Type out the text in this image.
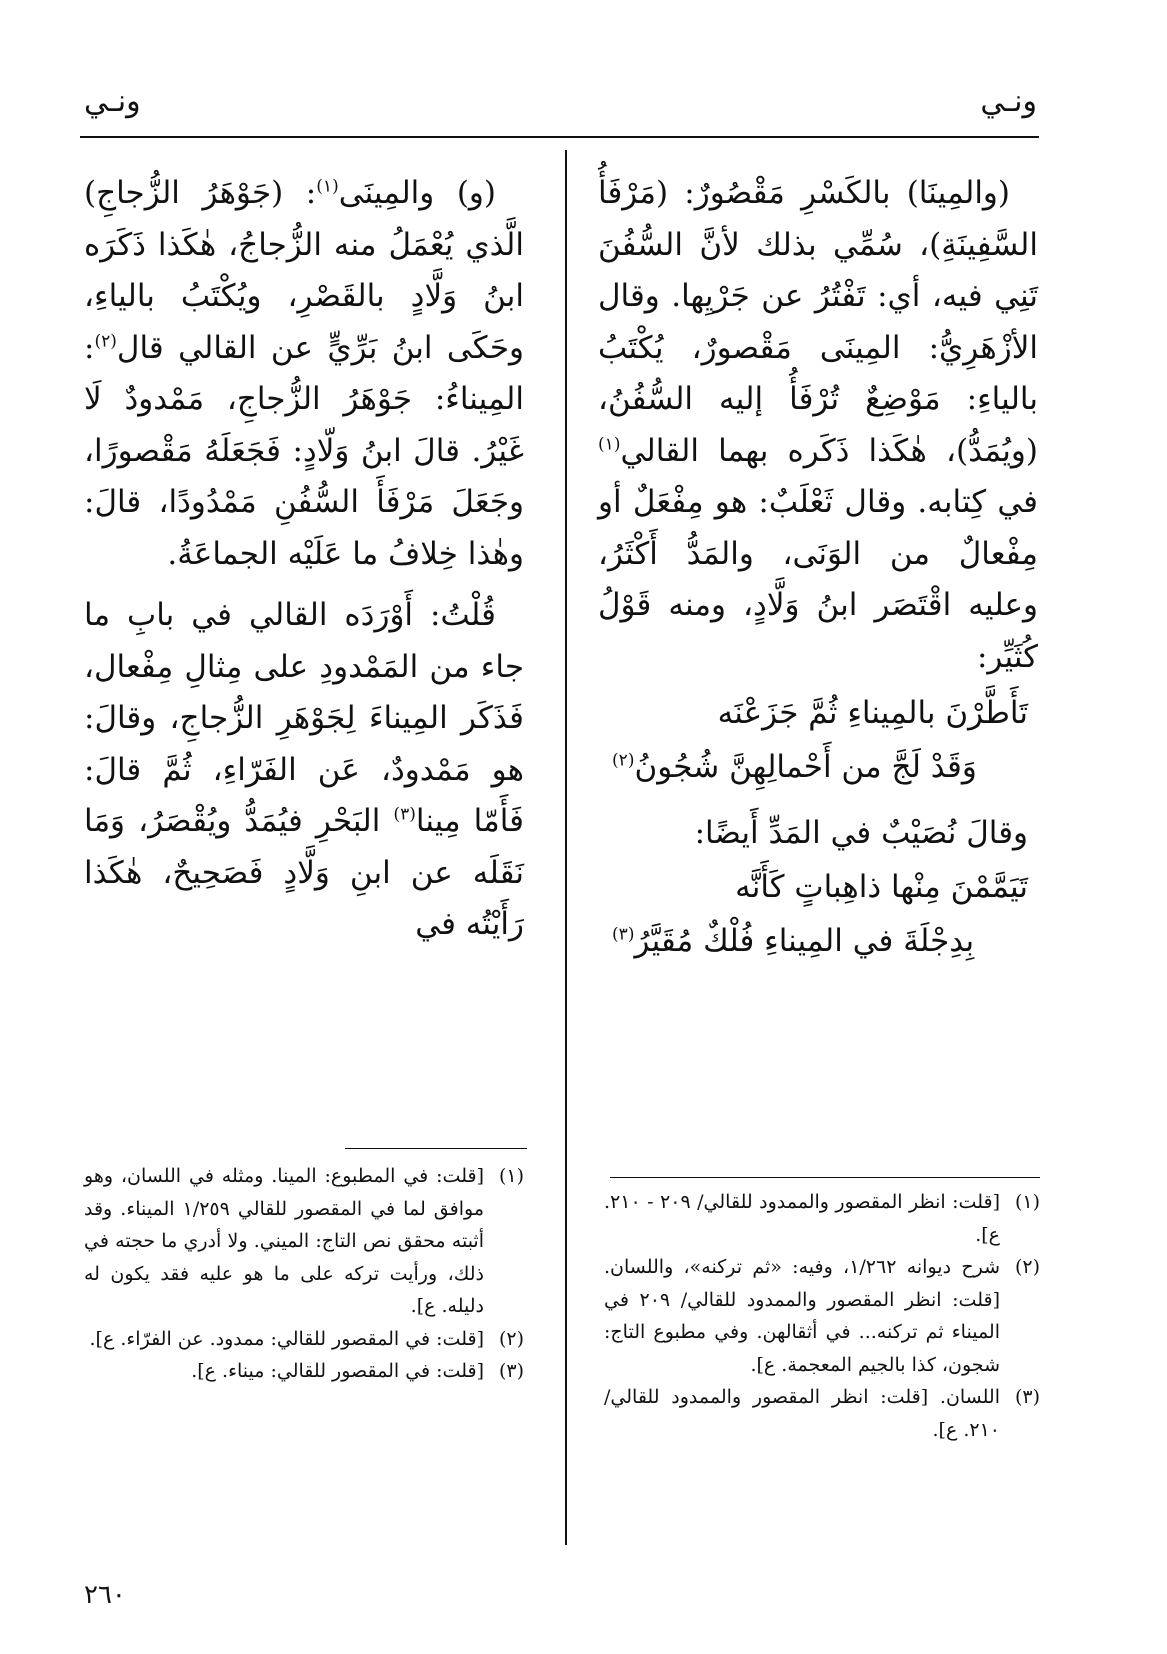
ونـي
ونـي

(والمِينَا) بالكَسْرِ مَقْصُورٌ: (مَرْفَأُ السَّفِينَةِ)، سُمِّي بذلك لأنَّ السُّفُنَ تَنِي فيه، أي: تَفْتُرُ عن جَرْيِها. وقال الأزْهَرِيُّ: المِينَى مَقْصورٌ، يُكْتَبُ بالياءِ: مَوْضِعٌ تُرْفَأُ إليه السُّفُنُ، (ويُمَدُّ)، هٰكَذا ذَكَره بهما القالي$^{(١)}$ في كِتابه. وقال ثَعْلَبٌ: هو مِفْعَلٌ أو مِفْعالٌ من الوَنَى، والمَدُّ أَكْثَرُ، وعليه اقْتَصَر ابنُ وَلَّادٍ، ومنه قَوْلُ كُثَيِّر:

تَأَطَّرْنَ بالمِيناءِ ثُمَّ جَزَعْنَه

وَقَدْ لَجَّ من أَحْمالِهِنَّ شُجُونُ$^{(٢)}$

وقالَ نُصَيْبٌ في المَدِّ أَيضًا:

تَيَمَّمْنَ مِنْها ذاهِباتٍ كَأَنَّه

بِدِجْلَةَ في المِيناءِ فُلْكٌ مُقَيَّرُ$^{(٣)}$

(و) والمِينَى$^{(١)}$: (جَوْهَرُ الزُّجاجِ) الَّذي يُعْمَلُ منه الزُّجاجُ، هٰكَذا ذَكَرَه ابنُ وَلَّادٍ بالقَصْرِ، ويُكْتَبُ بالياءِ، وحَكَى ابنُ بَرِّيٍّ عن القالي قال$^{(٢)}$: المِيناءُ: جَوْهَرُ الزُّجاجِ، مَمْدودٌ لَا غَيْرُ. قالَ ابنُ وَلّادٍ: فَجَعَلَهُ مَقْصورًا، وجَعَلَ مَرْفَأَ السُّفُنِ مَمْدُودًا، قالَ: وهٰذا خِلافُ ما عَلَيْه الجماعَةُ.

قُلْتُ: أَوْرَدَه القالي في بابِ ما جاء من المَمْدودِ على مِثالِ مِفْعال، فَذَكَر المِيناءَ لِجَوْهَرِ الزُّجاجِ، وقالَ: هو مَمْدودٌ، عَن الفَرّاءِ، ثُمَّ قالَ: فَأَمّا مِينا$^{(٣)}$ البَحْرِ فيُمَدُّ ويُقْصَرُ، وَمَا نَقَلَه عن ابنِ وَلَّادٍ فَصَحِيحٌ، هٰكَذا رَأَيْتُه في

(١)
[قلت: انظر المقصور والممدود للقالي/ ٢٠٩ - ٢١٠. ع].

(٢)
شرح ديوانه ١/٢٦٢، وفيه: «ثم تركنه»، واللسان. [قلت: انظر المقصور والممدود للقالي/ ٢٠٩ في الميناء ثم تركنه... في أثقالهن. وفي مطبوع التاج: شجون، كذا بالجيم المعجمة. ع].

(٣)
اللسان. [قلت: انظر المقصور والممدود للقالي/٢١٠. ع].

(١)
[قلت: في المطبوع: المينا. ومثله في اللسان، وهو موافق لما في المقصور للقالي ١/٢٥٩ الميناء. وقد أثبته محقق نص التاج: الميني. ولا أدري ما حجته في ذلك، ورأيت تركه على ما هو عليه فقد يكون له دليله. ع].

(٢)
[قلت: في المقصور للقالي: ممدود. عن الفرّاء. ع].

(٣)
[قلت: في المقصور للقالي: ميناء. ع].

٢٦٠
